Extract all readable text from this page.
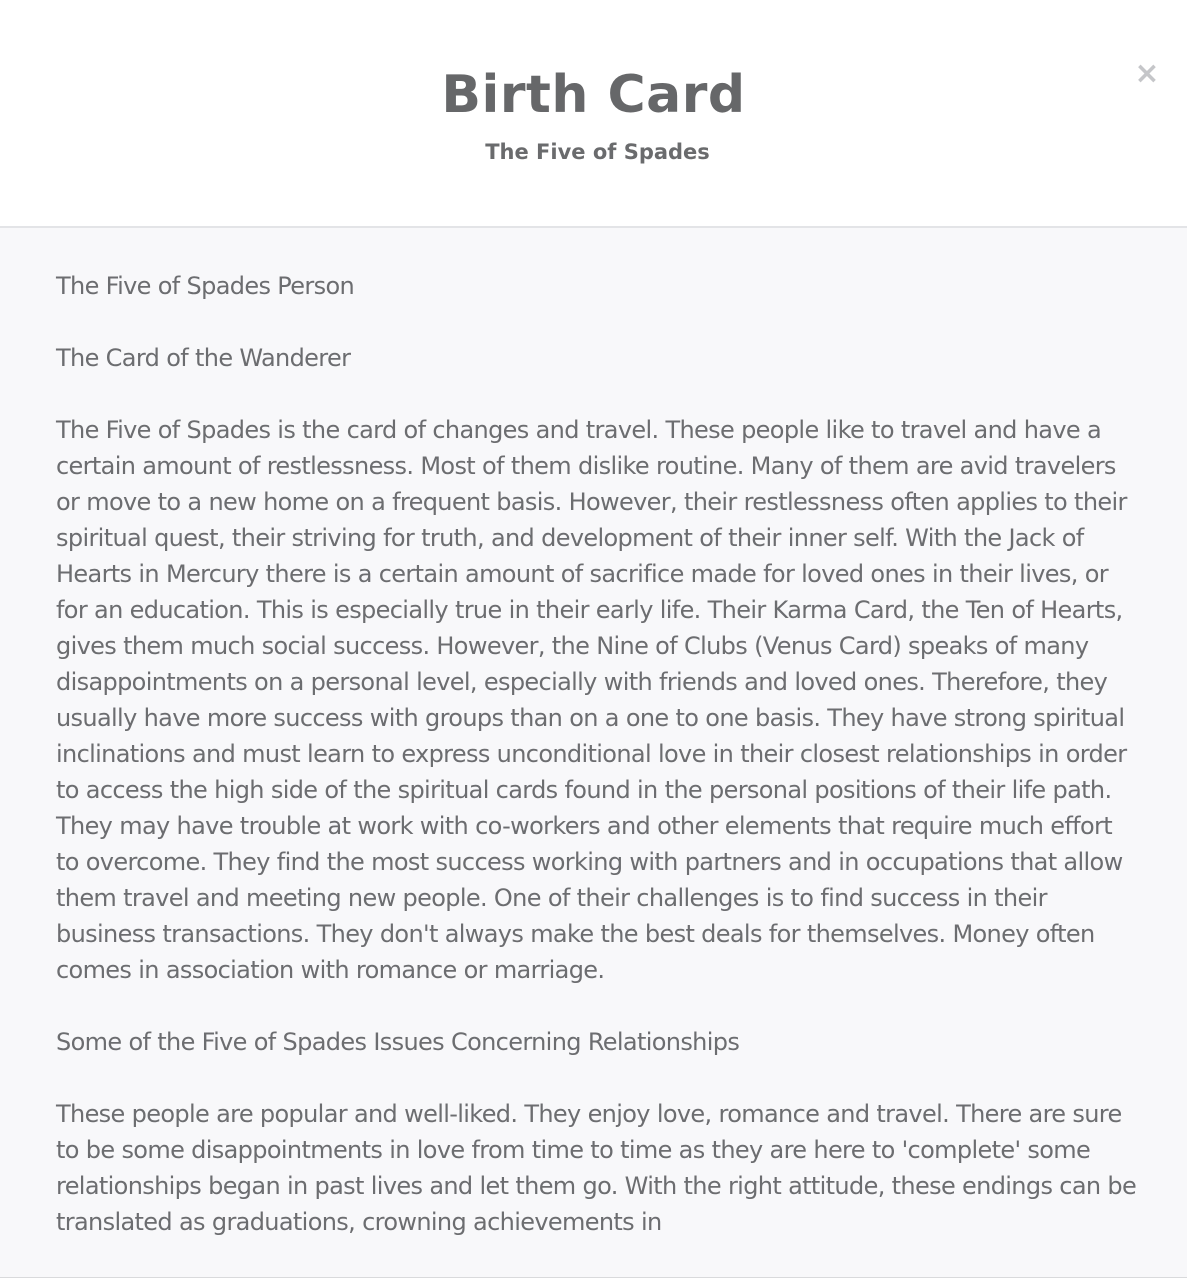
Birth Card
The Five of Spades
×

The Five of Spades Person

The Card of the Wanderer

The Five of Spades is the card of changes and travel. These people like to travel and have a certain amount of restlessness. Most of them dislike routine. Many of them are avid travelers or move to a new home on a frequent basis. However, their restlessness often applies to their spiritual quest, their striving for truth, and development of their inner self. With the Jack of Hearts in Mercury there is a certain amount of sacrifice made for loved ones in their lives, or for an education. This is especially true in their early life. Their Karma Card, the Ten of Hearts, gives them much social success. However, the Nine of Clubs (Venus Card) speaks of many disappointments on a personal level, especially with friends and loved ones. Therefore, they usually have more success with groups than on a one to one basis. They have strong spiritual inclinations and must learn to express unconditional love in their closest relationships in order to access the high side of the spiritual cards found in the personal positions of their life path.

They may have trouble at work with co-workers and other elements that require much effort to overcome. They find the most success working with partners and in occupations that allow them travel and meeting new people. One of their challenges is to find success in their business transactions. They don't always make the best deals for themselves. Money often comes in association with romance or marriage.

Some of the Five of Spades Issues Concerning Relationships

These people are popular and well-liked. They enjoy love, romance and travel. There are sure to be some disappointments in love from time to time as they are here to 'complete' some relationships began in past lives and let them go. With the right attitude, these endings can be translated as graduations, crowning achievements in
